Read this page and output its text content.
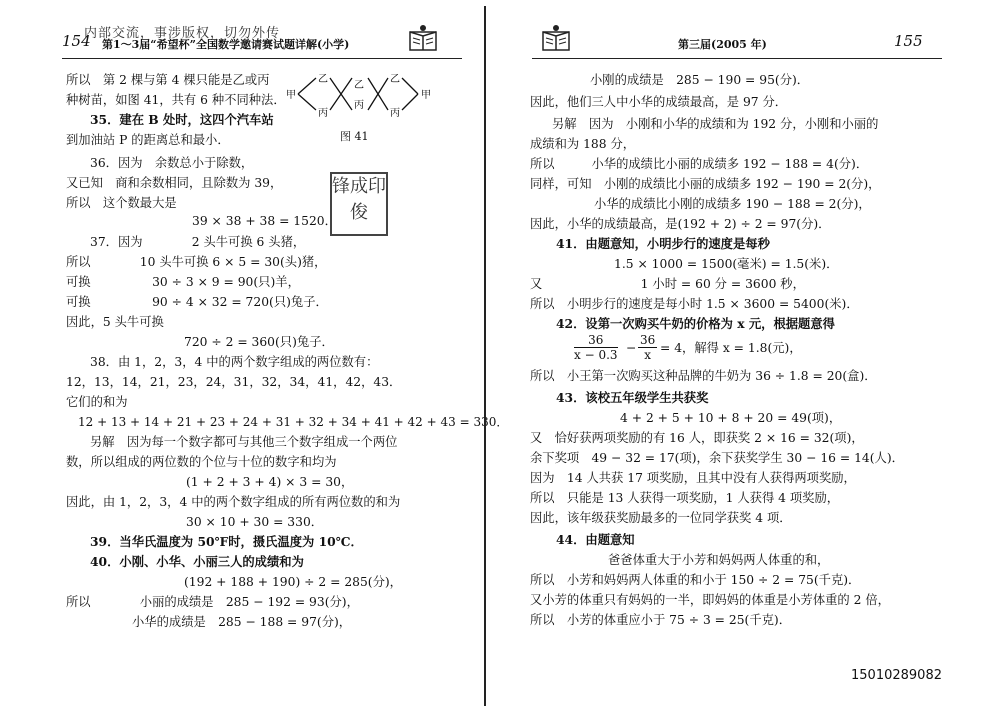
内部交流，事涉版权，切勿外传
154 第1～3届“希望杯”全国数学邀请赛试题详解(小学)
甲
乙
丙
乙
丙
乙
丙
甲
图 41
锋成印俊
所以　第 2 棵与第 4 棵只能是乙或丙
种树苗，如图 41，共有 6 种不同种法．
35．建在 B 处时，这四个汽车站
到加油站 P 的距离总和最小．
36．因为　余数总小于除数，
又已知　商和余数相同，且除数为 39，
所以　这个数最大是
39 × 38 + 38 = 1520．
37．因为　　　　2 头牛可换 6 头猪，
所以　　　　10 头牛可换 6 × 5 = 30(头)猪，
可换　　　　　30 ÷ 3 × 9 = 90(只)羊，
可换　　　　　90 ÷ 4 × 32 = 720(只)兔子．
因此，5 头牛可换
720 ÷ 2 = 360(只)兔子．
38．由 1，2，3，4 中的两个数字组成的两位数有：
12，13，14，21，23，24，31，32，34，41，42，43．
它们的和为
12 + 13 + 14 + 21 + 23 + 24 + 31 + 32 + 34 + 41 + 42 + 43 = 330．
另解　因为每一个数字都可与其他三个数字组成一个两位
数，所以组成的两位数的个位与十位的数字和均为
(1 + 2 + 3 + 4) × 3 = 30，
因此，由 1，2，3，4 中的两个数字组成的所有两位数的和为
30 × 10 + 30 = 330．
39．当华氏温度为 50℉时，摄氏温度为 10℃．
40．小刚、小华、小丽三人的成绩和为
(192 + 188 + 190) ÷ 2 = 285(分)，
所以　　　　小丽的成绩是　285 − 192 = 93(分)，
小华的成绩是　285 − 188 = 97(分)，
第三届(2005 年)	155
小刚的成绩是　285 − 190 = 95(分)．
因此，他们三人中小华的成绩最高，是 97 分．
另解　因为　小刚和小华的成绩和为 192 分，小刚和小丽的
成绩和为 188 分，
所以　　　小华的成绩比小丽的成绩多 192 − 188 = 4(分)．
同样，可知　小刚的成绩比小丽的成绩多 192 − 190 = 2(分)，
小华的成绩比小刚的成绩多 190 − 188 = 2(分)，
因此，小华的成绩最高，是(192 + 2) ÷ 2 = 97(分)．
41．由题意知，小明步行的速度是每秒
1.5 × 1000 = 1500(毫米) = 1.5(米)．
又　　　　　　　　1 小时 = 60 分 = 3600 秒，
所以　小明步行的速度是每小时 1.5 × 3600 = 5400(米)．
42．设第一次购买牛奶的价格为 x 元，根据题意得
$\frac{36}{x - 0.3} - \frac{36}{x} = 4$，解得 x = 1.8(元)，
所以　小王第一次购买这种品牌的牛奶为 36 ÷ 1.8 = 20(盒)．
43．该校五年级学生共获奖
4 + 2 + 5 + 10 + 8 + 20 = 49(项)，
又　恰好获两项奖励的有 16 人，即获奖 2 × 16 = 32(项)，
余下奖项　49 − 32 = 17(项)，余下获奖学生 30 − 16 = 14(人)．
因为　14 人共获 17 项奖励，且其中没有人获得两项奖励，
所以　只能是 13 人获得一项奖励，1 人获得 4 项奖励，
因此，该年级获奖励最多的一位同学获奖 4 项．
44．由题意知
爸爸体重大于小芳和妈妈两人体重的和，
所以　小芳和妈妈两人体重的和小于 150 ÷ 2 = 75(千克)．
又小芳的体重只有妈妈的一半，即妈妈的体重是小芳体重的 2 倍，
所以　小芳的体重应小于 75 ÷ 3 = 25(千克)．
15010289082
